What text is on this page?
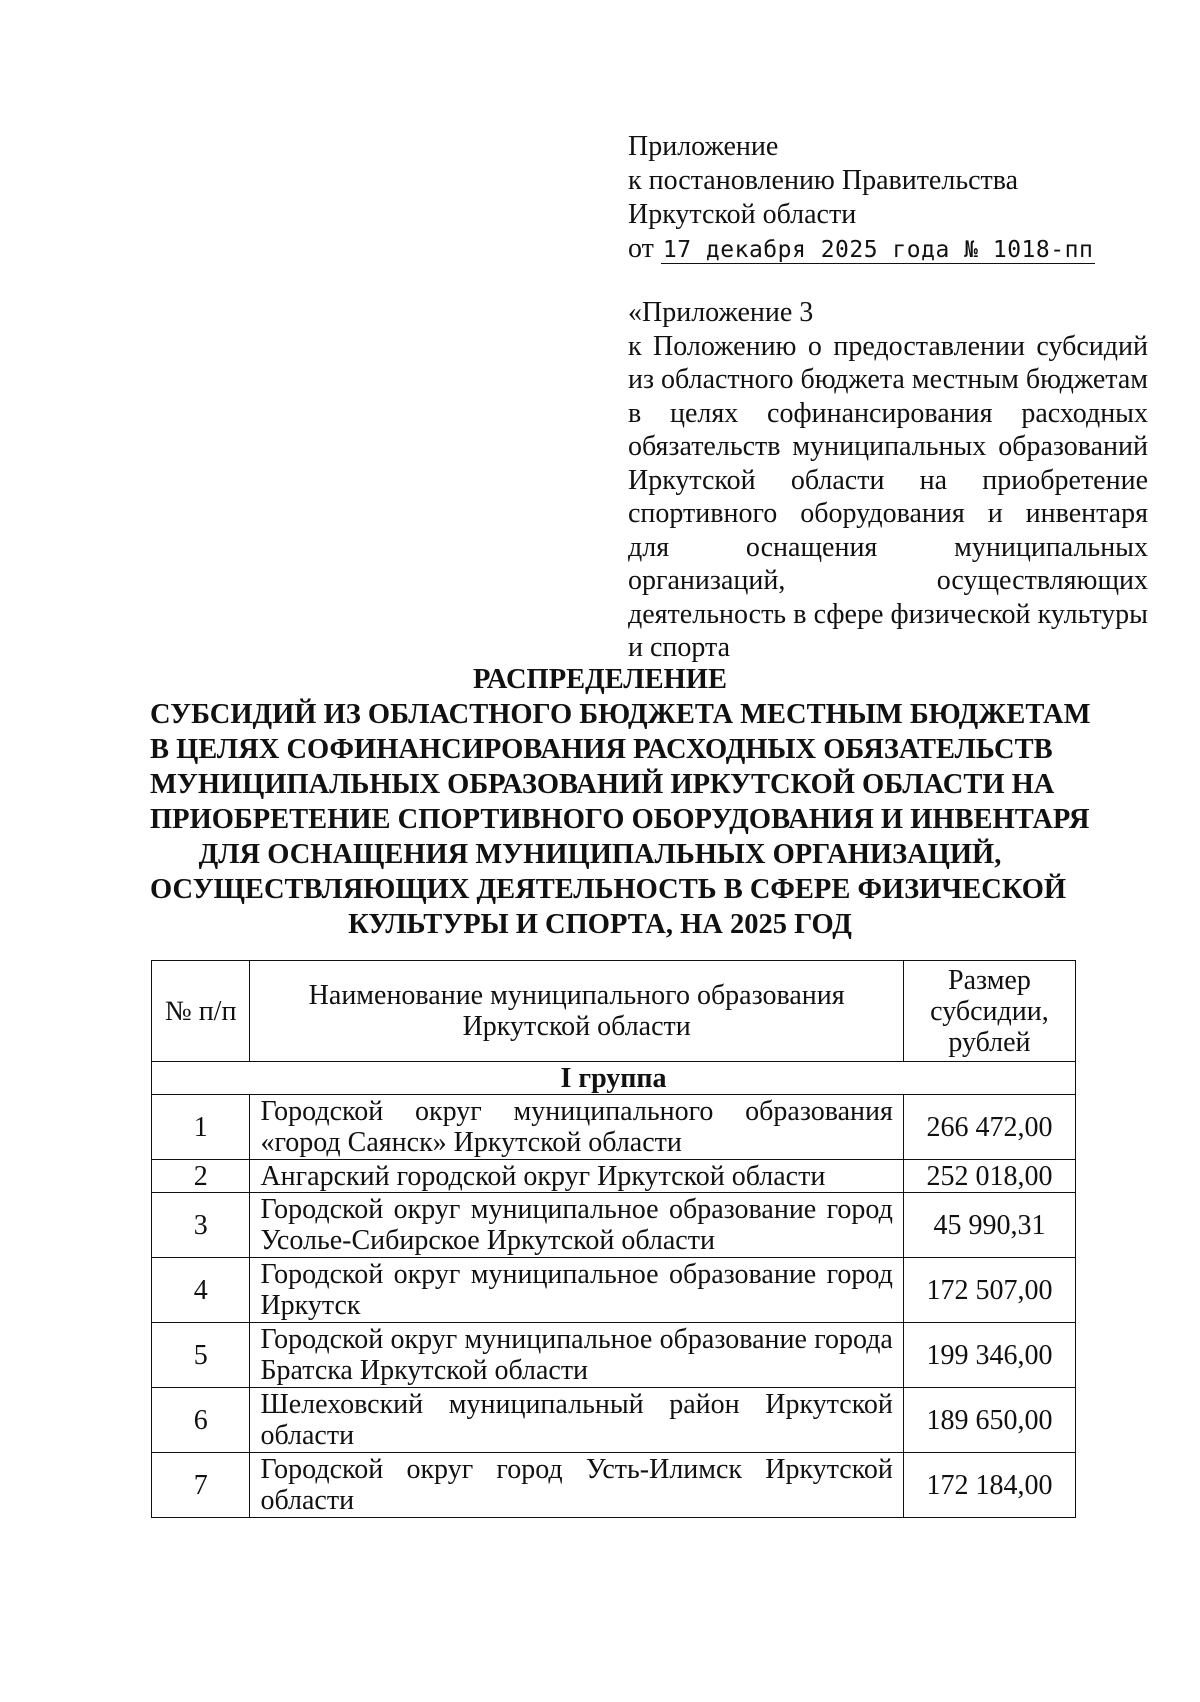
Приложение
к постановлению Правительства
Иркутской области
от 17 декабря 2025 года № 1018-пп
«Приложение 3
к Положению о предоставлении субсидий из областного бюджета местным бюджетам в целях софинансирования расходных обязательств муниципальных образований Иркутской области на приобретение спортивного оборудования и инвентаря для оснащения муниципальных организаций, осуществляющих деятельность в сфере физической культуры и спорта
РАСПРЕДЕЛЕНИЕ
СУБСИДИЙ ИЗ ОБЛАСТНОГО БЮДЖЕТА МЕСТНЫМ БЮДЖЕТАМ
В ЦЕЛЯХ СОФИНАНСИРОВАНИЯ РАСХОДНЫХ ОБЯЗАТЕЛЬСТВ
МУНИЦИПАЛЬНЫХ ОБРАЗОВАНИЙ ИРКУТСКОЙ ОБЛАСТИ НА
ПРИОБРЕТЕНИЕ СПОРТИВНОГО ОБОРУДОВАНИЯ И ИНВЕНТАРЯ
ДЛЯ ОСНАЩЕНИЯ МУНИЦИПАЛЬНЫХ ОРГАНИЗАЦИЙ,
ОСУЩЕСТВЛЯЮЩИХ ДЕЯТЕЛЬНОСТЬ В СФЕРЕ ФИЗИЧЕСКОЙ
КУЛЬТУРЫ И СПОРТА, НА 2025 ГОД
№ п/п	Наименование муниципального образования Иркутской области	Размер субсидии, рублей
I группа		
1	Городской округ муниципального образования «город Саянск» Иркутской области	266 472,00
2	Ангарский городской округ Иркутской области	252 018,00
3	Городской округ муниципальное образование город Усолье-Сибирское Иркутской области	45 990,31
4	Городской округ муниципальное образование город Иркутск	172 507,00
5	Городской округ муниципальное образование города Братска Иркутской области	199 346,00
6	Шелеховский муниципальный район Иркутской области	189 650,00
7	Городской округ город Усть-Илимск Иркутской области	172 184,00
